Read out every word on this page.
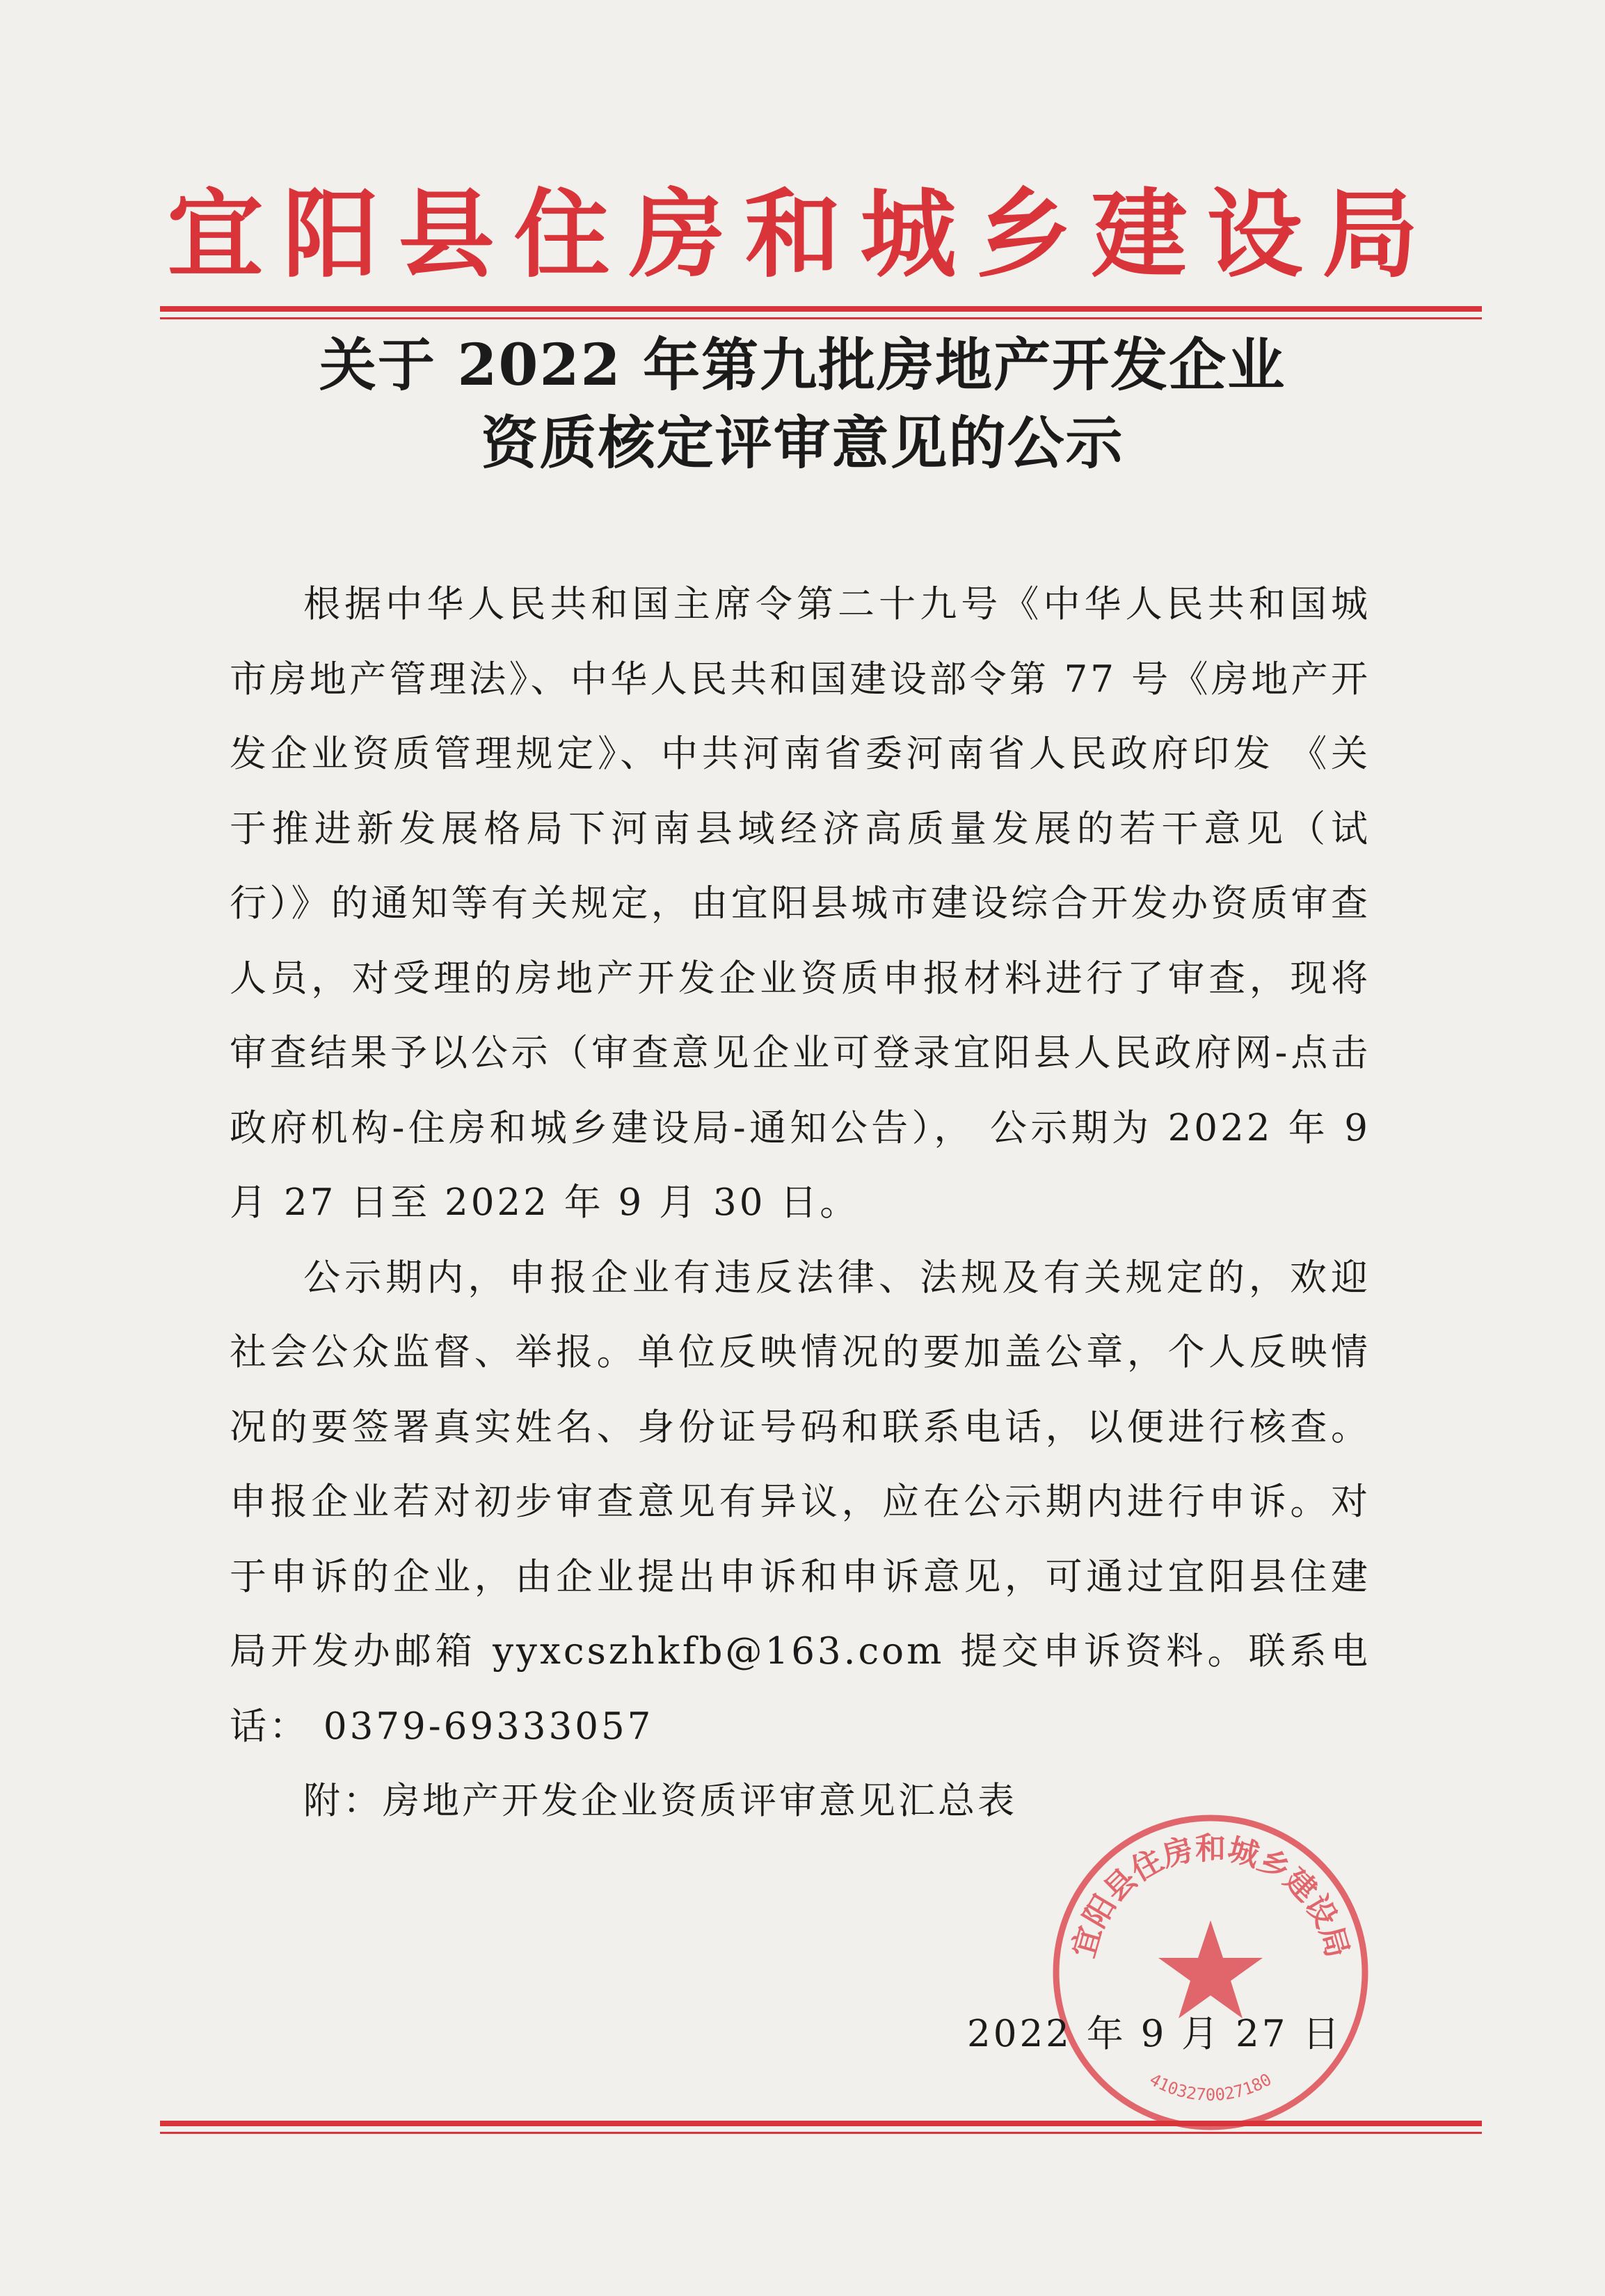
宜阳县住房和城乡建设局
关于 2022 年第九批房地产开发企业
资质核定评审意见的公示

根据中华人民共和国主席令第二十九号《中华人民共和国城市房地产管理法》、中华人民共和国建设部令第 77 号《房地产开发企业资质管理规定》、中共河南省委河南省人民政府印发 《关于推进新发展格局下河南县域经济高质量发展的若干意见（试行）》的通知等有关规定，由宜阳县城市建设综合开发办资质审查人员，对受理的房地产开发企业资质申报材料进行了审查，现将审查结果予以公示（审查意见企业可登录宜阳县人民政府网-点击政府机构-住房和城乡建设局-通知公告）， 公示期为 2022 年 9 月 27 日至 2022 年 9 月 30 日。

公示期内，申报企业有违反法律、法规及有关规定的，欢迎社会公众监督、举报。单位反映情况的要加盖公章，个人反映情况的要签署真实姓名、身份证号码和联系电话，以便进行核查。申报企业若对初步审查意见有异议，应在公示期内进行申诉。对于申诉的企业，由企业提出申诉和申诉意见，可通过宜阳县住建局开发办邮箱 yyxcszhkfb@163.com 提交申诉资料。联系电话： 0379-69333057

附：房地产开发企业资质评审意见汇总表

宜阳县住房和城乡建设局
4103270027180
2022 年 9 月 27 日
